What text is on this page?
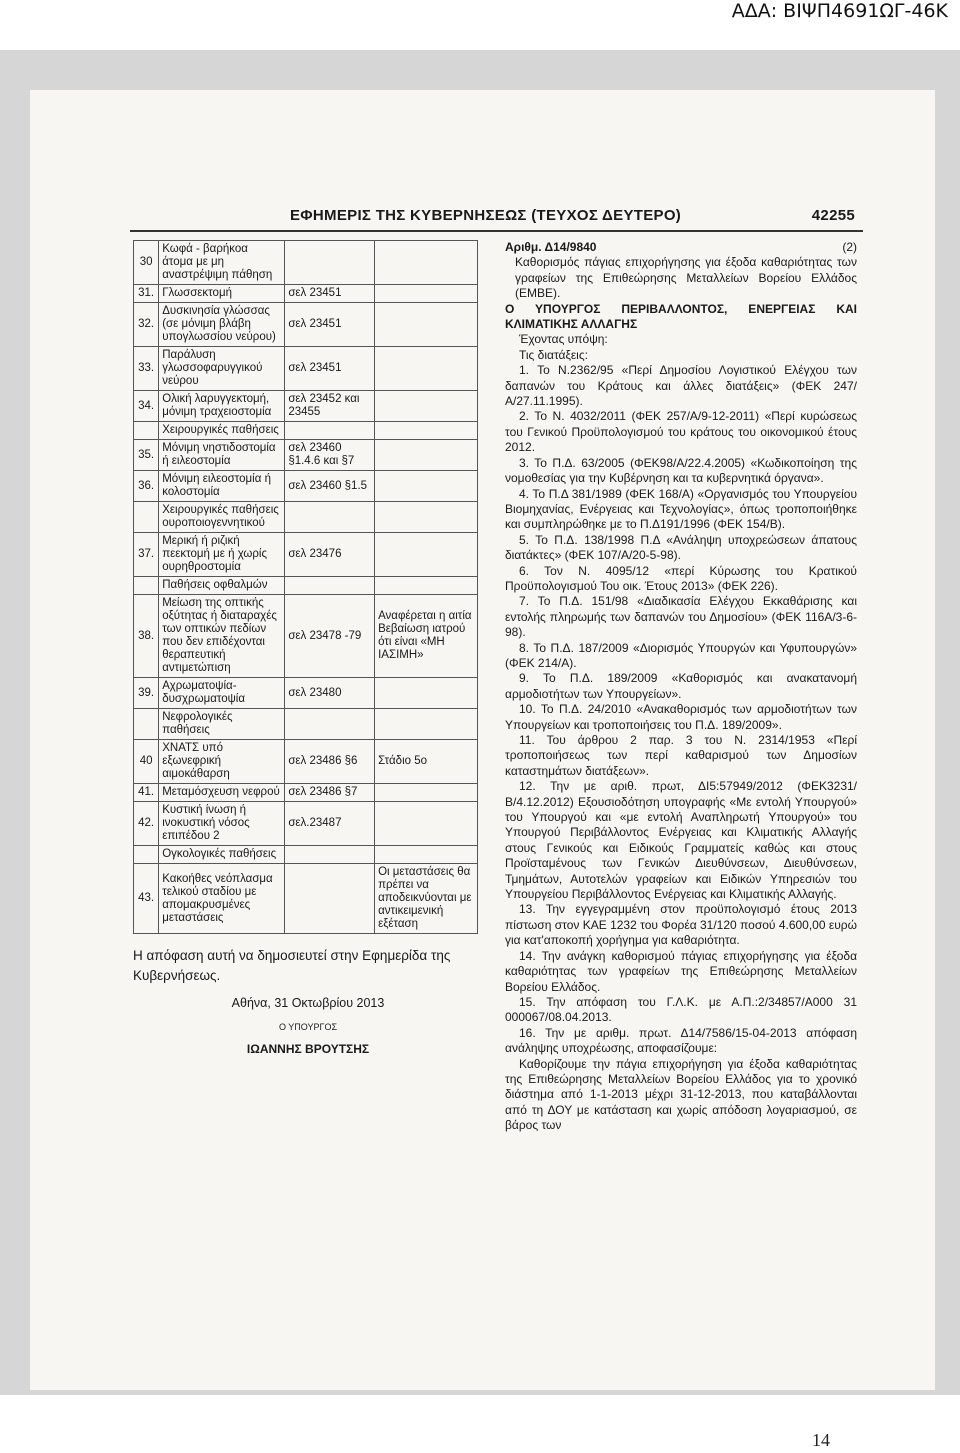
ΑΔΑ: ΒΙΨΠ4691ΩΓ-46Κ
ΕΦΗΜΕΡΙΣ ΤΗΣ ΚΥΒΕΡΝΗΣΕΩΣ (ΤΕΥΧΟΣ ΔΕΥΤΕΡΟ)	42255
30	Κωφά - βαρήκοα άτομα με μη αναστρέψιμη πάθηση		
31.	Γλωσσεκτομή	σελ 23451	
32.	Δυσκινησία γλώσσας (σε μόνιμη βλάβη υπογλωσσίου νεύρου)	σελ 23451	
33.	Παράλυση γλωσσοφαρυγγικού νεύρου	σελ 23451	
34.	Ολική λαρυγγεκτομή, μόνιμη τραχειοστομία	σελ 23452 και 23455	
	Χειρουργικές παθήσεις		
35.	Μόνιμη νηστιδοστομία ή ειλεοστομία	σελ 23460 §1.4.6 και §7	
36.	Μόνιμη ειλεοστομία ή κολοστομία	σελ 23460 §1.5	
	Χειρουργικές παθήσεις ουροποιογεννητικού		
37.	Μερική ή ριζική πεεκτομή με ή χωρίς ουρηθροστομία	σελ 23476	
	Παθήσεις οφθαλμών		
38.	Μείωση της οπτικής οξύτητας ή διαταραχές των οπτικών πεδίων που δεν επιδέχονται θεραπευτική αντιμετώπιση	σελ 23478 -79	Αναφέρεται η αιτία Βεβαίωση ιατρού ότι είναι «ΜΗ ΙΑΣΙΜΗ»
39.	Αχρωματοψία- δυσχρωματοψία	σελ 23480	
	Νεφρολογικές παθήσεις		
40	ΧΝΑΤΣ υπό εξωνεφρική αιμοκάθαρση	σελ 23486 §6	Στάδιο 5ο
41.	Μεταμόσχευση νεφρού	σελ 23486 §7	
42.	Κυστική ίνωση ή ινοκυστική νόσος επιπέδου 2	σελ.23487	
	Ογκολογικές παθήσεις		
43.	Κακοήθες νεόπλασμα τελικού σταδίου με απομακρυσμένες μεταστάσεις		Οι μεταστάσεις θα πρέπει να αποδεικνύονται με αντικειμενική εξέταση
Η απόφαση αυτή να δημοσιευτεί στην Εφημερίδα της Κυβερνήσεως.
Αθήνα, 31 Οκτωβρίου 2013
Ο ΥΠΟΥΡΓΟΣ
ΙΩΑΝΝΗΣ ΒΡΟΥΤΣΗΣ
Αριθμ. Δ14/9840	(2)

Καθορισμός πάγιας επιχορήγησης για έξοδα καθαριότητας των γραφείων της Επιθεώρησης Μεταλλείων Βορείου Ελλάδος (ΕΜΒΕ).

Ο ΥΠΟΥΡΓΟΣ ΠΕΡΙΒΑΛΛΟΝΤΟΣ, ΕΝΕΡΓΕΙΑΣ ΚΑΙ ΚΛΙΜΑΤΙΚΗΣ ΑΛΛΑΓΗΣ

Έχοντας υπόψη:

Τις διατάξεις:

1. Το Ν.2362/95 «Περί Δημοσίου Λογιστικού Ελέγχου των δαπανών του Κράτους και άλλες διατάξεις» (ΦΕΚ 247/Α/27.11.1995).

2. Το Ν. 4032/2011 (ΦΕΚ 257/Α/9-12-2011) «Περί κυρώσεως του Γενικού Προϋπολογισμού του κράτους του οικονομικού έτους 2012.

3. Το Π.Δ. 63/2005 (ΦΕΚ98/Α/22.4.2005) «Κωδικοποίηση της νομοθεσίας για την Κυβέρνηση και τα κυβερνητικά όργανα».

4. Το Π.Δ 381/1989 (ΦΕΚ 168/Α) «Οργανισμός του Υπουργείου Βιομηχανίας, Ενέργειας και Τεχνολογίας», όπως τροποποιήθηκε και συμπληρώθηκε με το Π.Δ191/1996 (ΦΕΚ 154/Β).

5. Το Π.Δ. 138/1998 Π.Δ «Ανάληψη υποχρεώσεων άπατους διατάκτες» (ΦΕΚ 107/Α/20-5-98).

6. Τον Ν. 4095/12 «περί Κύρωσης του Κρατικού Προϋπολογισμού Του οικ. Έτους 2013» (ΦΕΚ 226).

7. Το Π.Δ. 151/98 «Διαδικασία Ελέγχου Εκκαθάρισης και εντολής πληρωμής των δαπανών του Δημοσίου» (ΦΕΚ 116Α/3-6-98).

8. Το Π.Δ. 187/2009 «Διορισμός Υπουργών και Υφυπουργών» (ΦΕΚ 214/Α).

9. Το Π.Δ. 189/2009 «Καθορισμός και ανακατανομή αρμοδιοτήτων των Υπουργείων».

10. Το Π.Δ. 24/2010 «Ανακαθορισμός των αρμοδιοτήτων των Υπουργείων και τροποποιήσεις του Π.Δ. 189/2009».

11. Του άρθρου 2 παρ. 3 του Ν. 2314/1953 «Περί τροποποιήσεως των περί καθαρισμού των Δημοσίων καταστημάτων διατάξεων».

12. Την με αριθ. πρωτ, ΔΙ5:57949/2012 (ΦΕΚ3231/Β/4.12.2012) Εξουσιοδότηση υπογραφής «Με εντολή Υπουργού» του Υπουργού και «με εντολή Αναπληρωτή Υπουργού» του Υπουργού Περιβάλλοντος Ενέργειας και Κλιματικής Αλλαγής στους Γενικούς και Ειδικούς Γραμματείς καθώς και στους Προϊσταμένους των Γενικών Διευθύνσεων, Διευθύνσεων, Τμημάτων, Αυτοτελών γραφείων και Ειδικών Υπηρεσιών του Υπουργείου Περιβάλλοντος Ενέργειας και Κλιματικής Αλλαγής.

13. Την εγγεγραμμένη στον προϋπολογισμό έτους 2013 πίστωση στον ΚΑΕ 1232 του Φορέα 31/120 ποσού 4.600,00 ευρώ για κατ'αποκοπή χορήγημα για καθαριότητα.

14. Την ανάγκη καθορισμού πάγιας επιχορήγησης για έξοδα καθαριότητας των γραφείων της Επιθεώρησης Μεταλλείων Βορείου Ελλάδος.

15. Την απόφαση του Γ.Λ.Κ. με Α.Π.:2/34857/Α000 31 000067/08.04.2013.

16. Την με αριθμ. πρωτ. Δ14/7586/15-04-2013 απόφαση ανάληψης υποχρέωσης, αποφασίζουμε:

Καθορίζουμε την πάγια επιχορήγηση για έξοδα καθαριότητας της Επιθεώρησης Μεταλλείων Βορείου Ελλάδος για το χρονικό διάστημα από 1-1-2013 μέχρι 31-12-2013, που καταβάλλονται από τη ΔΟΥ με κατάσταση και χωρίς απόδοση λογαριασμού, σε βάρος των

14
